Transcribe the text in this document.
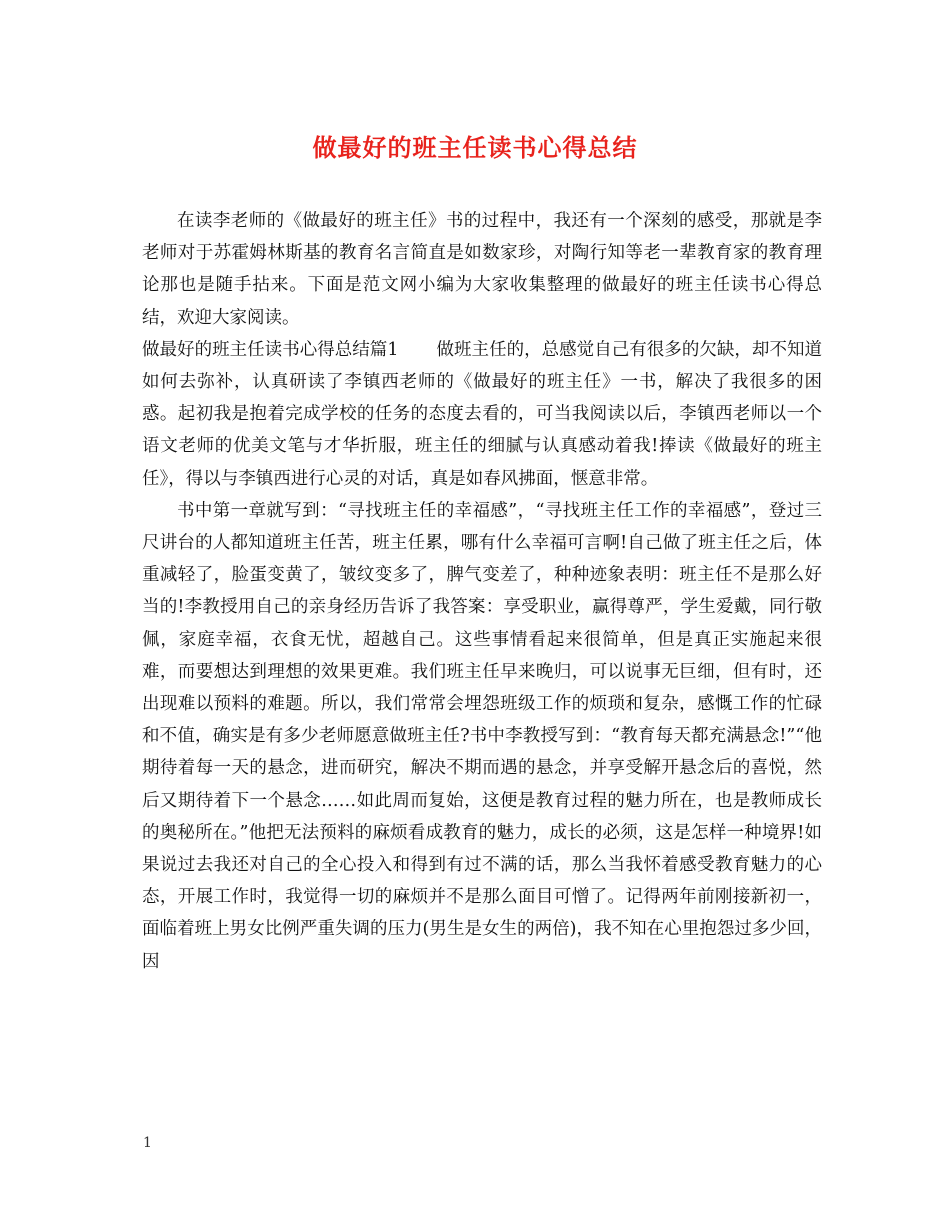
做最好的班主任读书心得总结

在读李老师的《做最好的班主任》书的过程中，我还有一个深刻的感受，那就是李老师对于苏霍姆林斯基的教育名言简直是如数家珍，对陶行知等老一辈教育家的教育理论那也是随手拈来。下面是范文网小编为大家收集整理的做最好的班主任读书心得总结，欢迎大家阅读。

做最好的班主任读书心得总结篇1 做班主任的，总感觉自己有很多的欠缺，却不知道如何去弥补，认真研读了李镇西老师的《做最好的班主任》一书，解决了我很多的困惑。起初我是抱着完成学校的任务的态度去看的，可当我阅读以后，李镇西老师以一个语文老师的优美文笔与才华折服，班主任的细腻与认真感动着我!捧读《做最好的班主任》，得以与李镇西进行心灵的对话，真是如春风拂面，惬意非常。

书中第一章就写到：“寻找班主任的幸福感”，“寻找班主任工作的幸福感”，登过三尺讲台的人都知道班主任苦，班主任累，哪有什么幸福可言啊!自己做了班主任之后，体重减轻了，脸蛋变黄了，皱纹变多了，脾气变差了，种种迹象表明：班主任不是那么好当的!李教授用自己的亲身经历告诉了我答案：享受职业，赢得尊严，学生爱戴，同行敬佩，家庭幸福，衣食无忧，超越自己。这些事情看起来很简单，但是真正实施起来很难，而要想达到理想的效果更难。我们班主任早来晚归，可以说事无巨细，但有时，还出现难以预料的难题。所以，我们常常会埋怨班级工作的烦琐和复杂，感慨工作的忙碌和不值，确实是有多少老师愿意做班主任?书中李教授写到：“教育每天都充满悬念!”“他期待着每一天的悬念，进而研究，解决不期而遇的悬念，并享受解开悬念后的喜悦，然后又期待着下一个悬念……如此周而复始，这便是教育过程的魅力所在，也是教师成长的奥秘所在。”他把无法预料的麻烦看成教育的魅力，成长的必须，这是怎样一种境界!如果说过去我还对自己的全心投入和得到有过不满的话，那么当我怀着感受教育魅力的心态，开展工作时，我觉得一切的麻烦并不是那么面目可憎了。记得两年前刚接新初一，面临着班上男女比例严重失调的压力(男生是女生的两倍)，我不知在心里抱怨过多少回，因

1
